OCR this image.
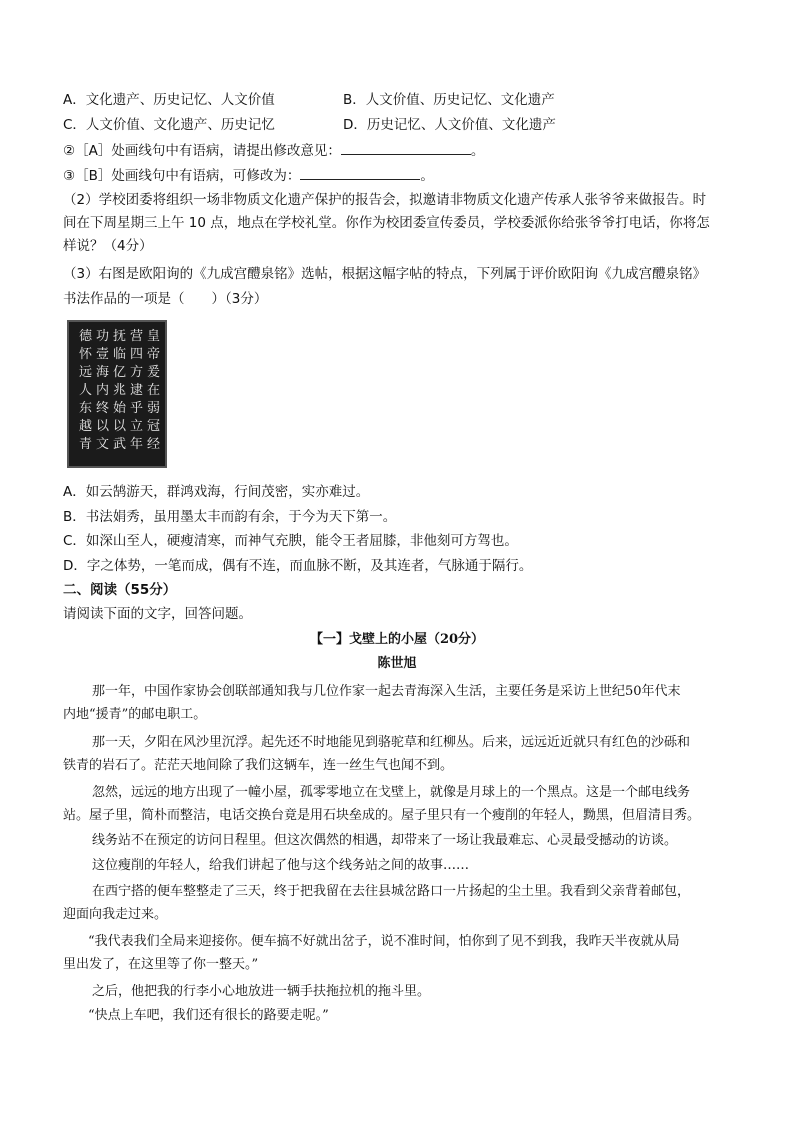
A．文化遗产、历史记忆、人文价值	B．人文价值、历史记忆、文化遗产
C．人文价值、文化遗产、历史记忆	D．历史记忆、人文价值、文化遗产
②［A］处画线句中有语病，请提出修改意见：	。
③［B］处画线句中有语病，可修改为：	。
（2）学校团委将组织一场非物质文化遗产保护的报告会，拟邀请非物质文化遗产传承人张爷爷来做报告。时
间在下周星期三上午 10 点，地点在学校礼堂。你作为校团委宣传委员，学校委派你给张爷爷打电话，你将怎
样说？（4分）
（3）右图是欧阳询的《九成宫醴泉铭》选帖，根据这幅字帖的特点，下列属于评价欧阳询《九成宫醴泉铭》
书法作品的一项是（　　）（3分）
皇帝爰在弱冠经
营四方逮乎立年
抚临亿兆始以武
功壹海内终以文
德怀远人东越青
A．如云鹄游天，群鸿戏海，行间茂密，实亦难过。
B．书法娟秀，虽用墨太丰而韵有余，于今为天下第一。
C．如深山至人，硬瘦清寒，而神气充腴，能令王者屈膝，非他刻可方驾也。
D．字之体势，一笔而成，偶有不连，而血脉不断，及其连者，气脉通于隔行。
二、阅读（55分）
请阅读下面的文字，回答问题。
【一】戈壁上的小屋（20分）
陈世旭
那一年，中国作家协会创联部通知我与几位作家一起去青海深入生活，主要任务是采访上世纪50年代末
内地“援青”的邮电职工。
那一天，夕阳在风沙里沉浮。起先还不时地能见到骆驼草和红柳丛。后来，远远近近就只有红色的沙砾和
铁青的岩石了。茫茫天地间除了我们这辆车，连一丝生气也闻不到。
忽然，远远的地方出现了一幢小屋，孤零零地立在戈壁上，就像是月球上的一个黑点。这是一个邮电线务
站。屋子里，简朴而整洁，电话交换台竟是用石块垒成的。屋子里只有一个瘦削的年轻人，黝黑，但眉清目秀。
线务站不在预定的访问日程里。但这次偶然的相遇，却带来了一场让我最难忘、心灵最受撼动的访谈。
这位瘦削的年轻人，给我们讲起了他与这个线务站之间的故事……
在西宁搭的便车整整走了三天，终于把我留在去往县城岔路口一片扬起的尘土里。我看到父亲背着邮包，
迎面向我走过来。
“我代表我们全局来迎接你。便车搞不好就出岔子，说不准时间，怕你到了见不到我，我昨天半夜就从局
里出发了，在这里等了你一整天。”
之后，他把我的行李小心地放进一辆手扶拖拉机的拖斗里。
“快点上车吧，我们还有很长的路要走呢。”
